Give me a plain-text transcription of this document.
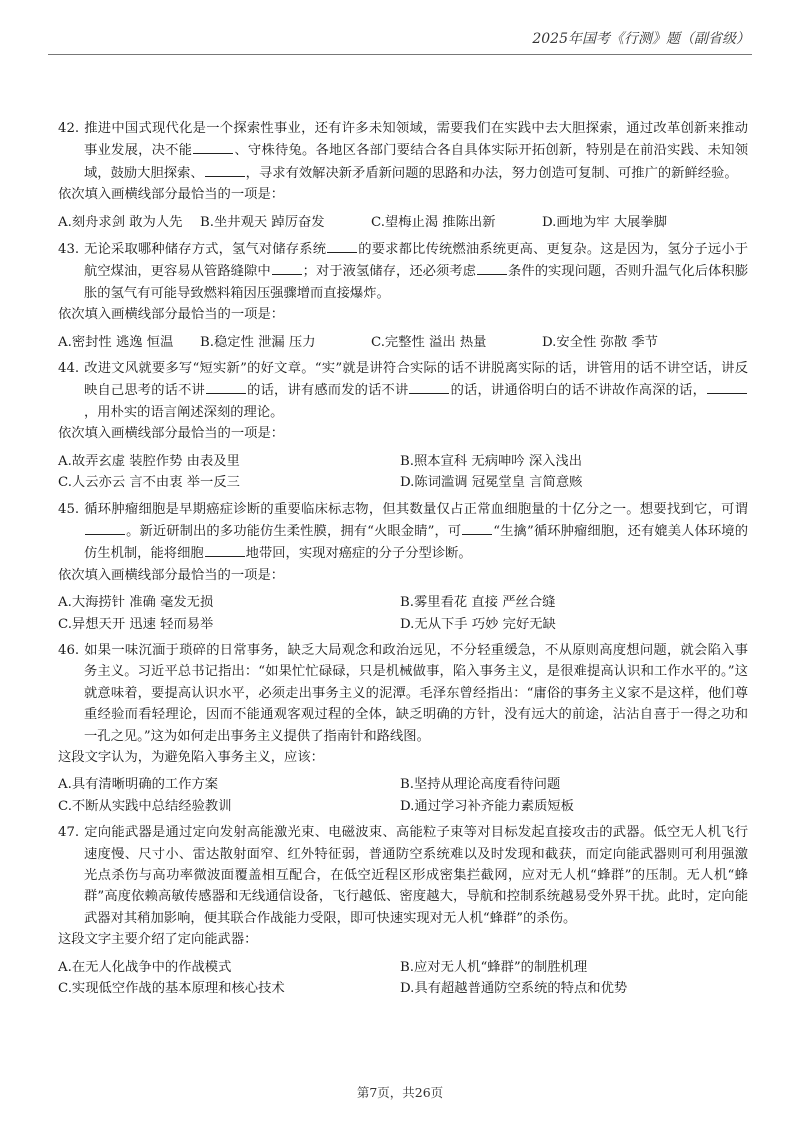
2025年国考《行测》题（副省级）

42. 推进中国式现代化是一个探索性事业，还有许多未知领域，需要我们在实践中去大胆探索，通过改革创新来推动事业发展，决不能	、守株待兔。各地区各部门要结合各自具体实际开拓创新，特别是在前沿实践、未知领域，鼓励大胆探索、	，寻求有效解决新矛盾新问题的思路和办法，努力创造可复制、可推广的新鲜经验。

依次填入画横线部分最恰当的一项是：

A.刻舟求剑 敢为人先	B.坐井观天 踔厉奋发	C.望梅止渴 推陈出新	D.画地为牢 大展拳脚

43. 无论采取哪种储存方式，氢气对储存系统 的要求都比传统燃油系统更高、更复杂。这是因为，氢分子远小于航空煤油，更容易从管路缝隙中 ；对于液氢储存，还必须考虑 条件的实现问题，否则升温气化后体积膨胀的氢气有可能导致燃料箱因压强骤增而直接爆炸。

依次填入画横线部分最恰当的一项是：

A.密封性 逃逸 恒温	B.稳定性 泄漏 压力	C.完整性 溢出 热量	D.安全性 弥散 季节

44. 改进文风就要多写“短实新”的好文章。“实”就是讲符合实际的话不讲脱离实际的话，讲管用的话不讲空话，讲反映自己思考的话不讲	的话，讲有感而发的话不讲	的话，讲通俗明白的话不讲故作高深的话，，用朴实的语言阐述深刻的理论。

依次填入画横线部分最恰当的一项是：

A.故弄玄虚 装腔作势 由表及里	B.照本宣科 无病呻吟 深入浅出
C.人云亦云 言不由衷 举一反三	D.陈词滥调 冠冕堂皇 言简意赅

45. 循环肿瘤细胞是早期癌症诊断的重要临床标志物，但其数量仅占正常血细胞量的十亿分之一。想要找到它，可谓。新近研制出的多功能仿生柔性膜，拥有“火眼金睛”，可 “生擒”循环肿瘤细胞，还有媲美人体环境的仿生机制，能将细胞	地带回，实现对癌症的分子分型诊断。

依次填入画横线部分最恰当的一项是：

A.大海捞针 准确 毫发无损	B.雾里看花 直接 严丝合缝
C.异想天开 迅速 轻而易举	D.无从下手 巧妙 完好无缺

46. 如果一味沉湎于琐碎的日常事务，缺乏大局观念和政治远见，不分轻重缓急，不从原则高度想问题，就会陷入事务主义。习近平总书记指出：“如果忙忙碌碌，只是机械做事，陷入事务主义，是很难提高认识和工作水平的。”这就意味着，要提高认识水平，必须走出事务主义的泥潭。毛泽东曾经指出：“庸俗的事务主义家不是这样，他们尊重经验而看轻理论，因而不能通观客观过程的全体，缺乏明确的方针，没有远大的前途，沾沾自喜于一得之功和一孔之见。”这为如何走出事务主义提供了指南针和路线图。

这段文字认为，为避免陷入事务主义，应该：

A.具有清晰明确的工作方案	B.坚持从理论高度看待问题
C.不断从实践中总结经验教训	D.通过学习补齐能力素质短板

47. 定向能武器是通过定向发射高能激光束、电磁波束、高能粒子束等对目标发起直接攻击的武器。低空无人机飞行速度慢、尺寸小、雷达散射面窄、红外特征弱，普通防空系统难以及时发现和截获，而定向能武器则可利用强激光点杀伤与高功率微波面覆盖相互配合，在低空近程区形成密集拦截网，应对无人机“蜂群”的压制。无人机“蜂群”高度依赖高敏传感器和无线通信设备，飞行越低、密度越大，导航和控制系统越易受外界干扰。此时，定向能武器对其稍加影响，便其联合作战能力受限，即可快速实现对无人机“蜂群”的杀伤。

这段文字主要介绍了定向能武器：

A.在无人化战争中的作战模式	B.应对无人机“蜂群”的制胜机理
C.实现低空作战的基本原理和核心技术	D.具有超越普通防空系统的特点和优势
第7页，共26页
